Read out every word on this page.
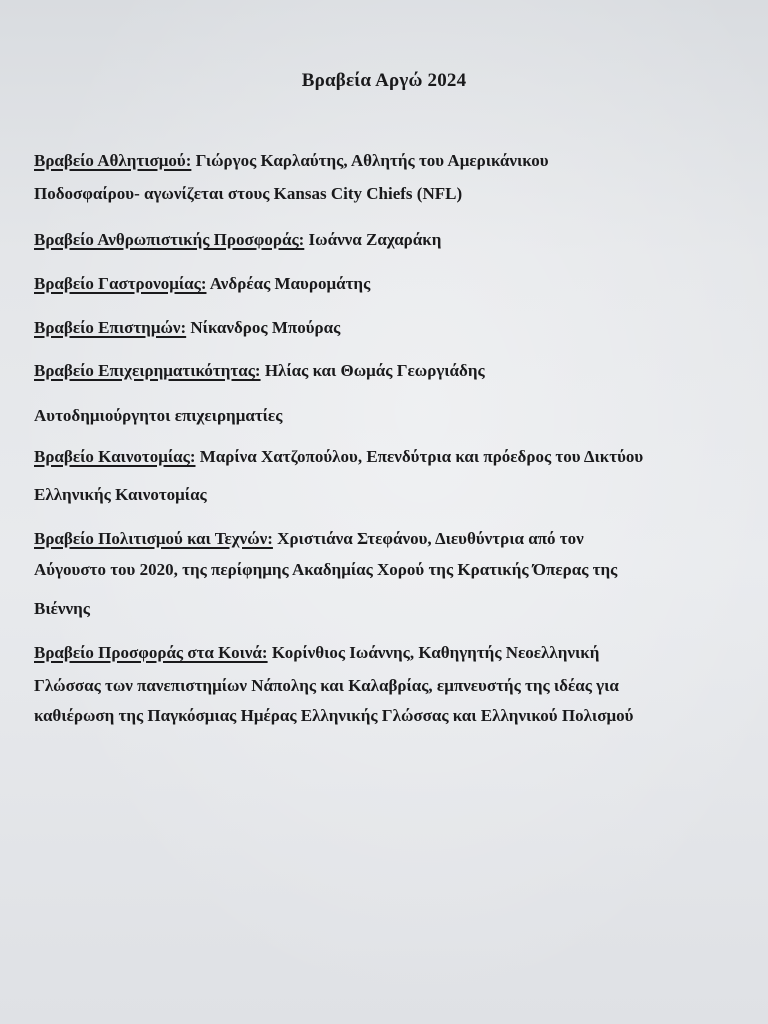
Βραβεία Αργώ 2024
Βραβείο Αθλητισμού: Γιώργος Καρλαύτης, Αθλητής του Αμερικάνικου
Ποδοσφαίρου- αγωνίζεται στους Kansas City Chiefs (NFL)
Βραβείο Ανθρωπιστικής Προσφοράς: Ιωάννα Ζαχαράκη
Βραβείο Γαστρονομίας: Ανδρέας Μαυρομάτης
Βραβείο Επιστημών: Νίκανδρος Μπούρας
Βραβείο Επιχειρηματικότητας: Ηλίας και Θωμάς Γεωργιάδης
Αυτοδημιούργητοι επιχειρηματίες
Βραβείο Καινοτομίας: Μαρίνα Χατζοπούλου, Επενδύτρια και πρόεδρος του Δικτύου
Ελληνικής Καινοτομίας
Βραβείο Πολιτισμού και Τεχνών: Χριστιάνα Στεφάνου, Διευθύντρια από τον
Αύγουστο του 2020, της περίφημης Ακαδημίας Χορού της Κρατικής Όπερας της
Βιέννης
Βραβείο Προσφοράς στα Κοινά: Κορίνθιος Ιωάννης, Καθηγητής Νεοελληνική
Γλώσσας των πανεπιστημίων Νάπολης και Καλαβρίας, εμπνευστής της ιδέας για
καθιέρωση της Παγκόσμιας Ημέρας Ελληνικής Γλώσσας και Ελληνικού Πολισμού
